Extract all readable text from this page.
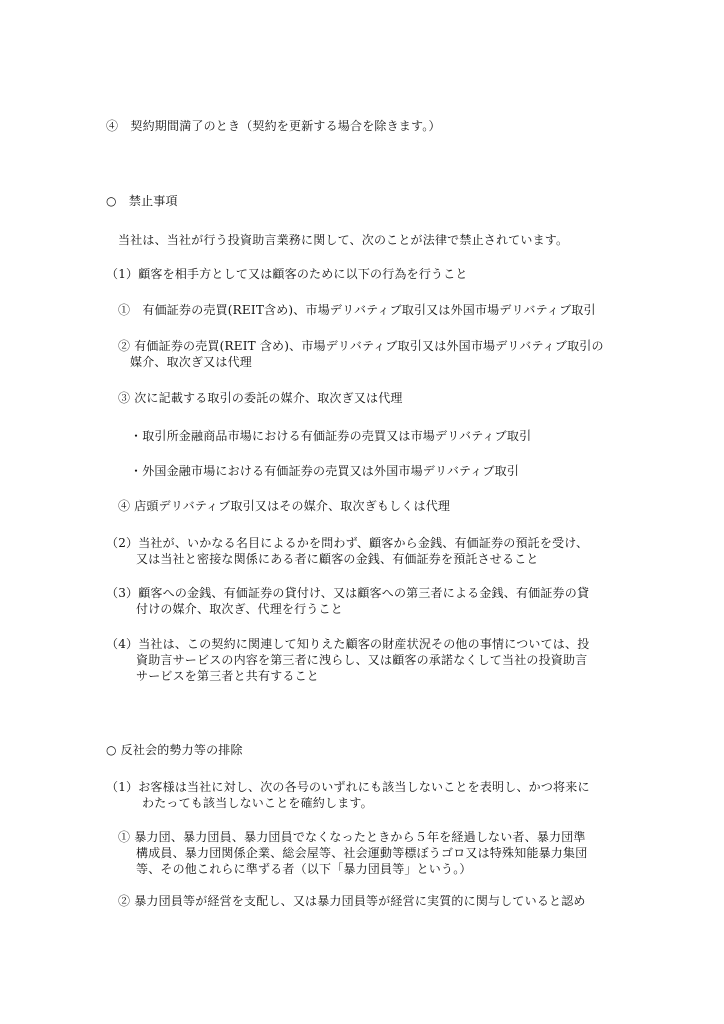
④　契約期間満了のとき（契約を更新する場合を除きます。）
○　禁止事項
当社は、当社が行う投資助言業務に関して、次のことが法律で禁止されています。
（1）顧客を相手方として又は顧客のために以下の行為を行うこと
①　有価証券の売買(REIT含め)、市場デリバティブ取引又は外国市場デリバティブ取引
② 有価証券の売買(REIT 含め)、市場デリバティブ取引又は外国市場デリバティブ取引の
媒介、取次ぎ又は代理
③ 次に記載する取引の委託の媒介、取次ぎ又は代理
・取引所金融商品市場における有価証券の売買又は市場デリバティブ取引
・外国金融市場における有価証券の売買又は外国市場デリバティブ取引
④ 店頭デリバティブ取引又はその媒介、取次ぎもしくは代理
（2）当社が、いかなる名目によるかを問わず、顧客から金銭、有価証券の預託を受け、
又は当社と密接な関係にある者に顧客の金銭、有価証券を預託させること
（3）顧客への金銭、有価証券の貸付け、又は顧客への第三者による金銭、有価証券の貸
付けの媒介、取次ぎ、代理を行うこと
（4）当社は、この契約に関連して知りえた顧客の財産状況その他の事情については、投
資助言サービスの内容を第三者に洩らし、又は顧客の承諾なくして当社の投資助言
サービスを第三者と共有すること
○ 反社会的勢力等の排除
（1）お客様は当社に対し、次の各号のいずれにも該当しないことを表明し、かつ将来に
わたっても該当しないことを確約します。
① 暴力団、暴力団員、暴力団員でなくなったときから５年を経過しない者、暴力団準
構成員、暴力団関係企業、総会屋等、社会運動等標ぼうゴロ又は特殊知能暴力集団
等、その他これらに準ずる者（以下「暴力団員等」という。）
② 暴力団員等が経営を支配し、又は暴力団員等が経営に実質的に関与していると認め
